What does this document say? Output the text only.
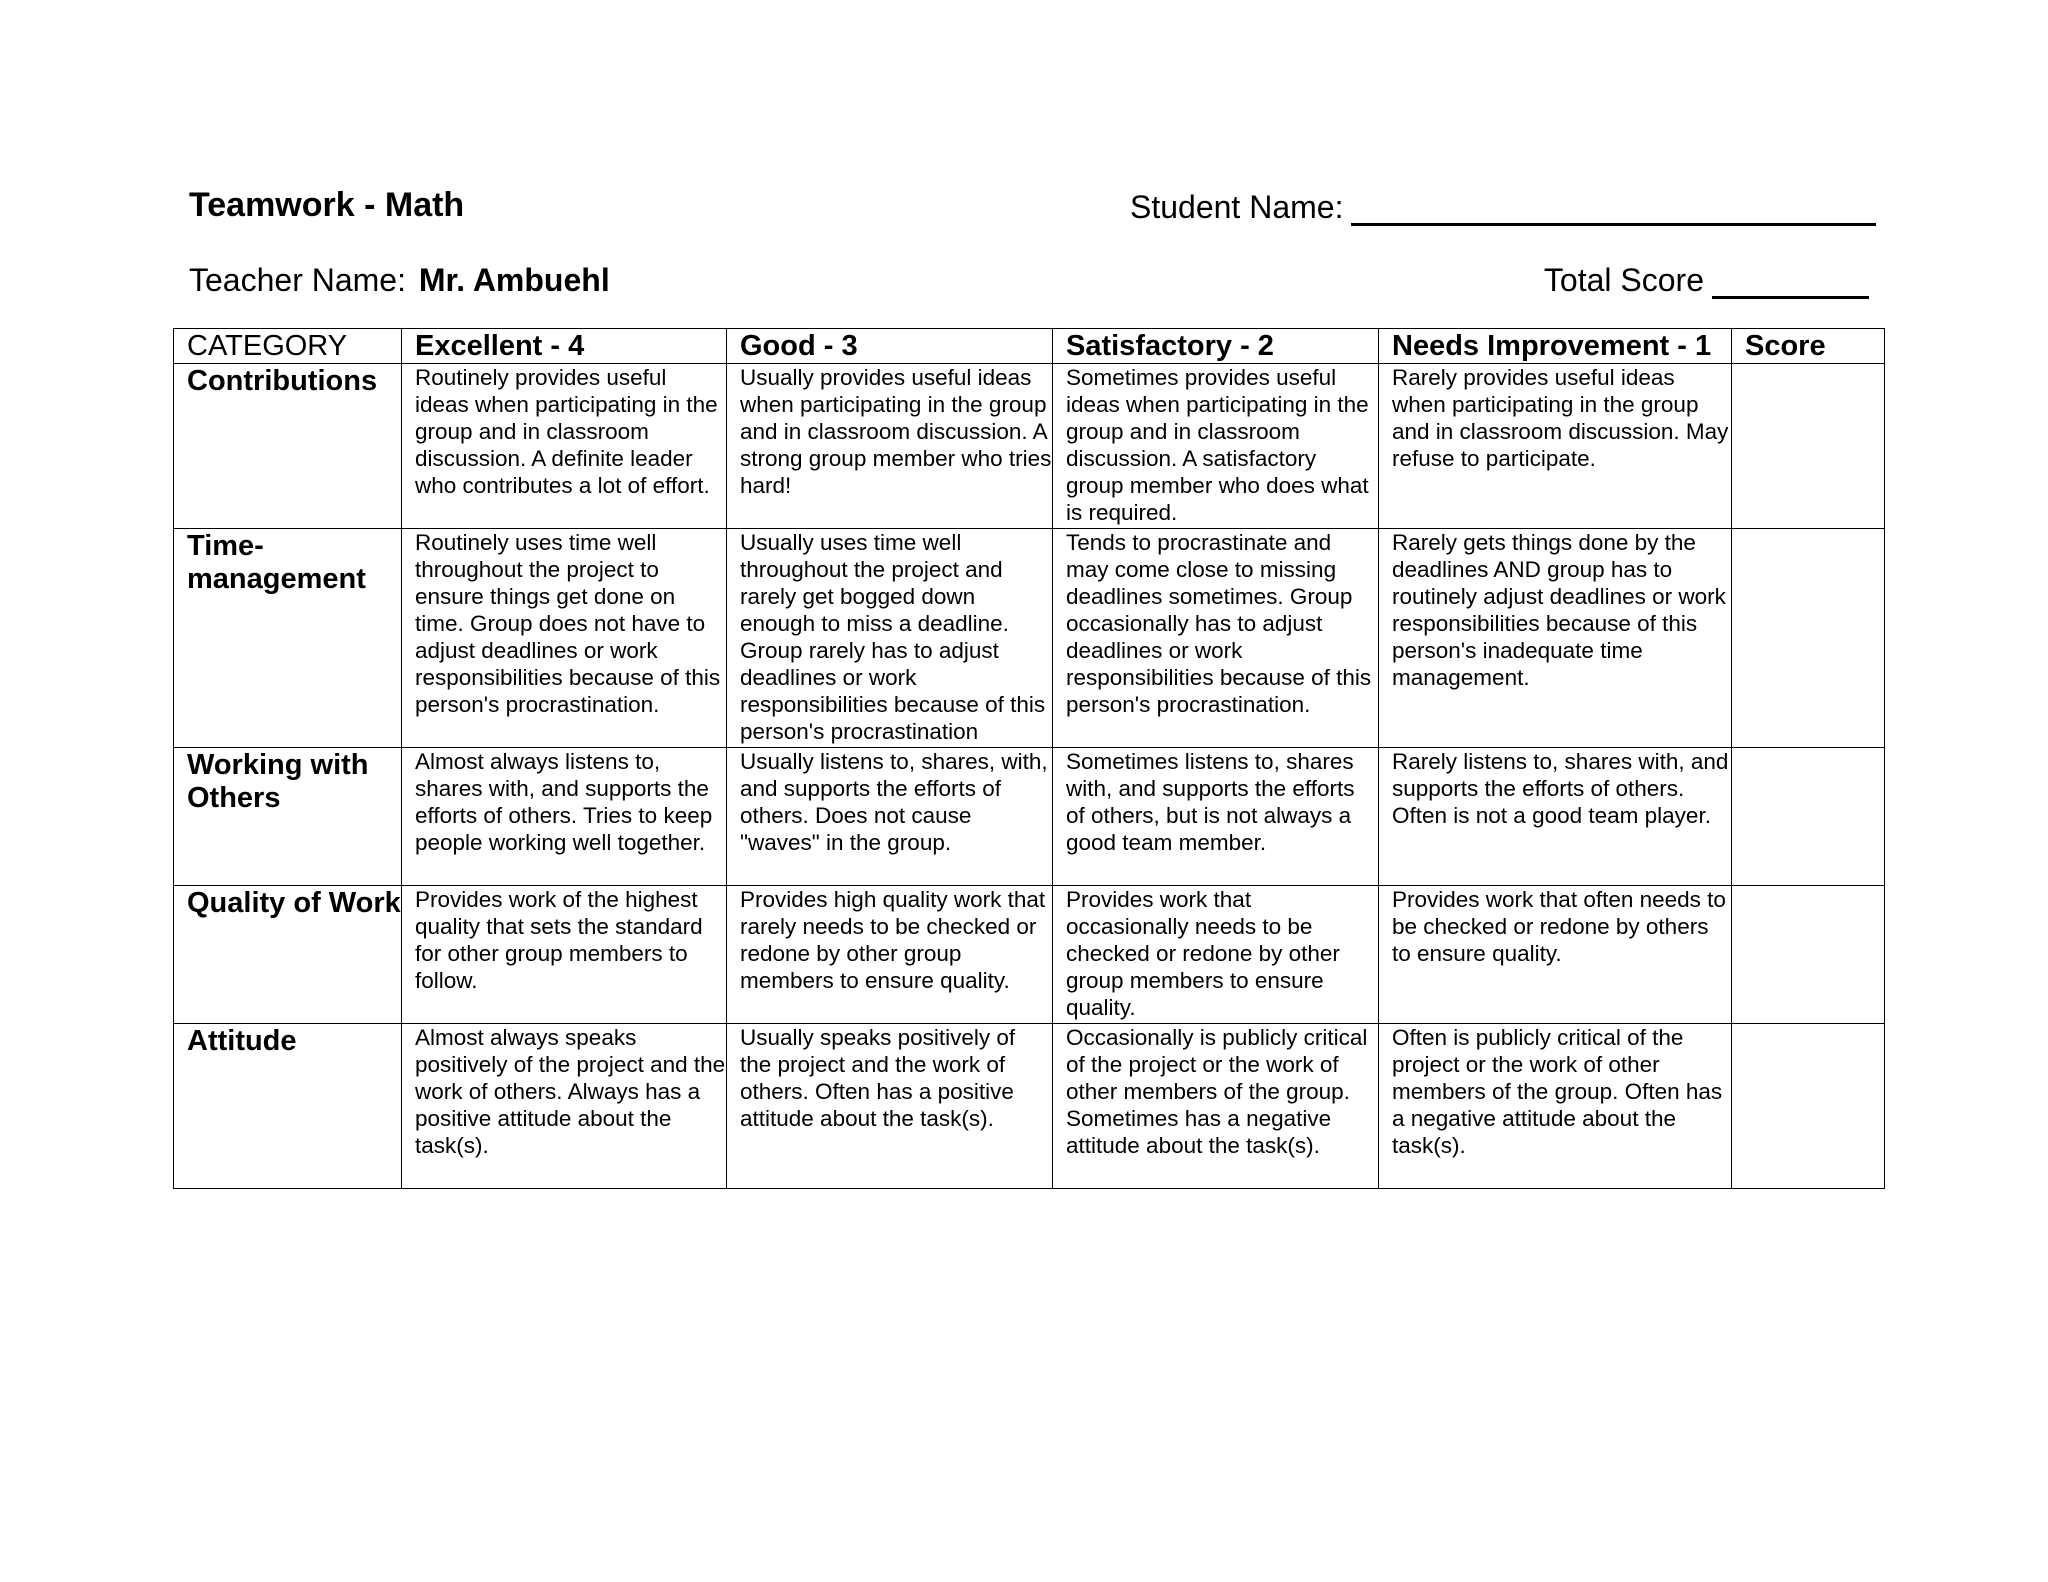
Teamwork - Math	Student Name:
Teacher Name: Mr. Ambuehl	Total Score
CATEGORY	Excellent - 4	Good - 3	Satisfactory - 2	Needs Improvement - 1	Score
Contributions	Routinely provides useful ideas when participating in the group and in classroom discussion. A definite leader who contributes a lot of effort.	Usually provides useful ideas when participating in the group and in classroom discussion. A strong group member who tries hard!	Sometimes provides useful ideas when participating in the group and in classroom discussion. A satisfactory group member who does what is required.	Rarely provides useful ideas when participating in the group and in classroom discussion. May refuse to participate.	
Time-management	Routinely uses time well throughout the project to ensure things get done on time. Group does not have to adjust deadlines or work responsibilities because of this person's procrastination.	Usually uses time well throughout the project and rarely get bogged down enough to miss a deadline. Group rarely has to adjust deadlines or work responsibilities because of this person's procrastination	Tends to procrastinate and may come close to missing deadlines sometimes. Group occasionally has to adjust deadlines or work responsibilities because of this person's procrastination.	Rarely gets things done by the deadlines AND group has to routinely adjust deadlines or work responsibilities because of this person's inadequate time management.	
Working with Others	Almost always listens to, shares with, and supports the efforts of others. Tries to keep people working well together.	Usually listens to, shares, with, and supports the efforts of others. Does not cause "waves" in the group.	Sometimes listens to, shares with, and supports the efforts of others, but is not always a good team member.	Rarely listens to, shares with, and supports the efforts of others. Often is not a good team player.	
Quality of Work	Provides work of the highest quality that sets the standard for other group members to follow.	Provides high quality work that rarely needs to be checked or redone by other group members to ensure quality.	Provides work that occasionally needs to be checked or redone by other group members to ensure quality.	Provides work that often needs to be checked or redone by others to ensure quality.	
Attitude	Almost always speaks positively of the project and the work of others. Always has a positive attitude about the task(s).	Usually speaks positively of the project and the work of others. Often has a positive attitude about the task(s).	Occasionally is publicly critical of the project or the work of other members of the group. Sometimes has a negative attitude about the task(s).	Often is publicly critical of the project or the work of other members of the group. Often has a negative attitude about the task(s).	
